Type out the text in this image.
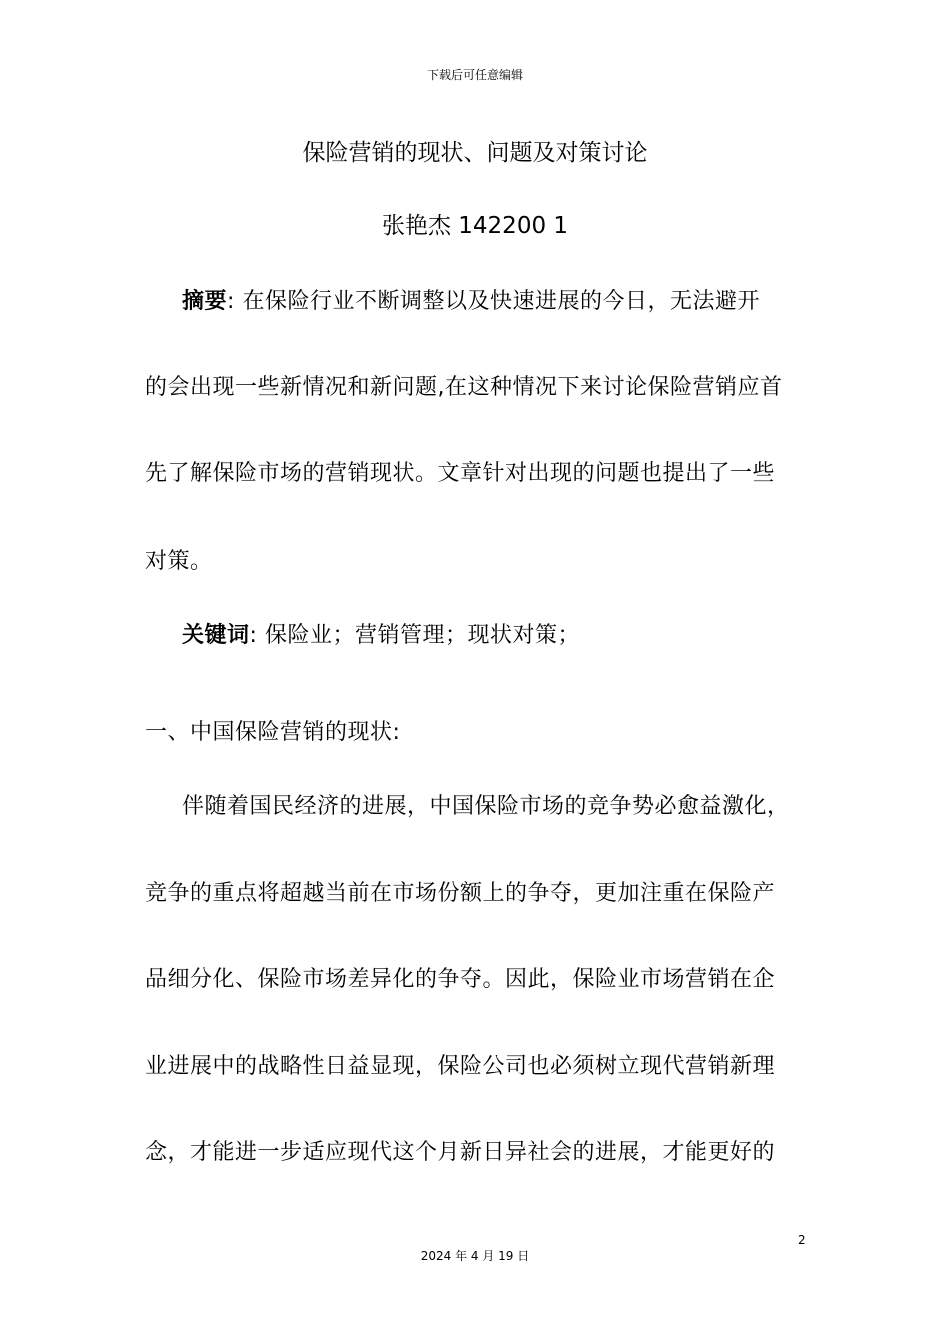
下载后可任意编辑
保险营销的现状、问题及对策讨论
张艳杰 142200 1
摘要: 在保险行业不断调整以及快速进展的今日，无法避开
的会出现一些新情况和新问题,在这种情况下来讨论保险营销应首
先了解保险市场的营销现状。文章针对出现的问题也提出了一些
对策。
关键词: 保险业；营销管理；现状对策；
一、中国保险营销的现状:
伴随着国民经济的进展，中国保险市场的竞争势必愈益激化，
竞争的重点将超越当前在市场份额上的争夺，更加注重在保险产
品细分化、保险市场差异化的争夺。因此，保险业市场营销在企
业进展中的战略性日益显现，保险公司也必须树立现代营销新理
念，才能进一步适应现代这个月新日异社会的进展，才能更好的
2
2024 年 4 月 19 日
